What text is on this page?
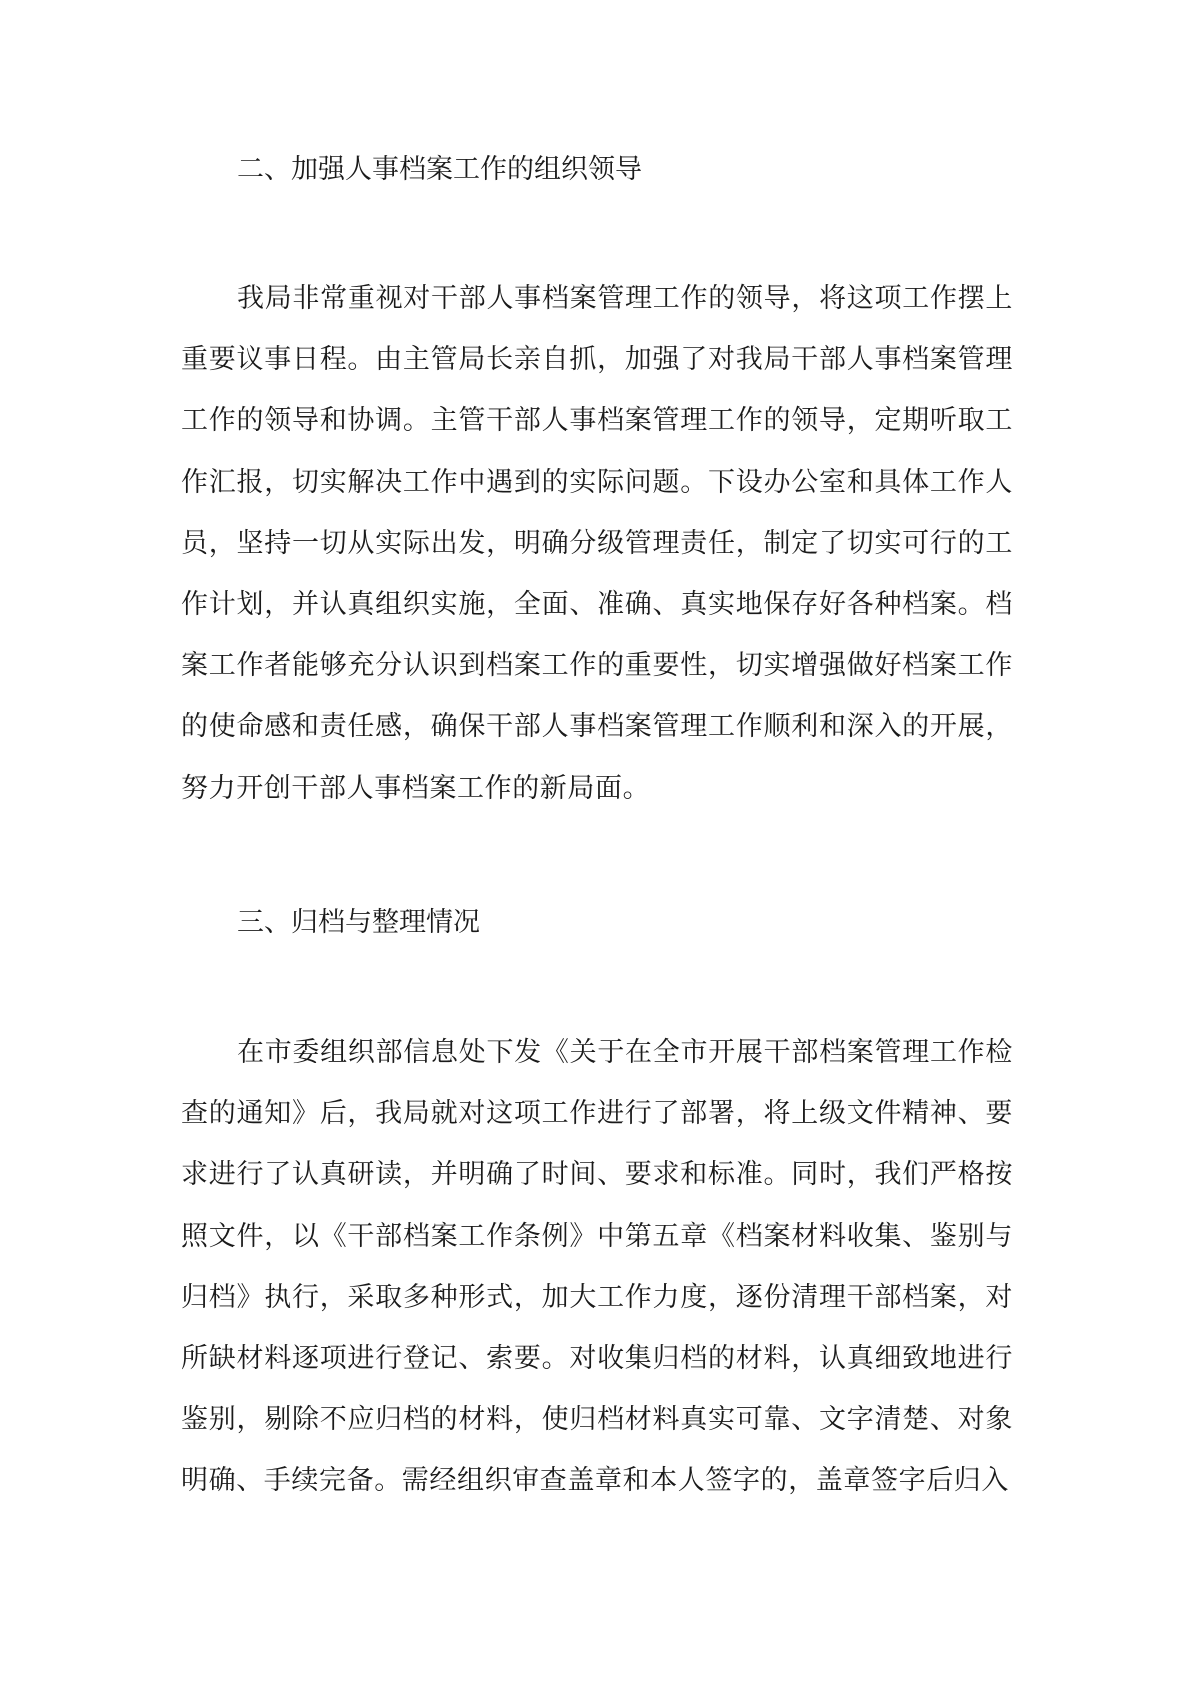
二、加强人事档案工作的组织领导

我局非常重视对干部人事档案管理工作的领导，将这项工作摆上重要议事日程。由主管局长亲自抓，加强了对我局干部人事档案管理工作的领导和协调。主管干部人事档案管理工作的领导，定期听取工作汇报，切实解决工作中遇到的实际问题。下设办公室和具体工作人员，坚持一切从实际出发，明确分级管理责任，制定了切实可行的工作计划，并认真组织实施，全面、准确、真实地保存好各种档案。档案工作者能够充分认识到档案工作的重要性，切实增强做好档案工作的使命感和责任感，确保干部人事档案管理工作顺利和深入的开展，努力开创干部人事档案工作的新局面。

三、归档与整理情况

在市委组织部信息处下发《关于在全市开展干部档案管理工作检查的通知》后，我局就对这项工作进行了部署，将上级文件精神、要求进行了认真研读，并明确了时间、要求和标准。同时，我们严格按照文件，以《干部档案工作条例》中第五章《档案材料收集、鉴别与归档》执行，采取多种形式，加大工作力度，逐份清理干部档案，对所缺材料逐项进行登记、索要。对收集归档的材料，认真细致地进行鉴别，剔除不应归档的材料，使归档材料真实可靠、文字清楚、对象明确、手续完备。需经组织审查盖章和本人签字的，盖章签字后归入
